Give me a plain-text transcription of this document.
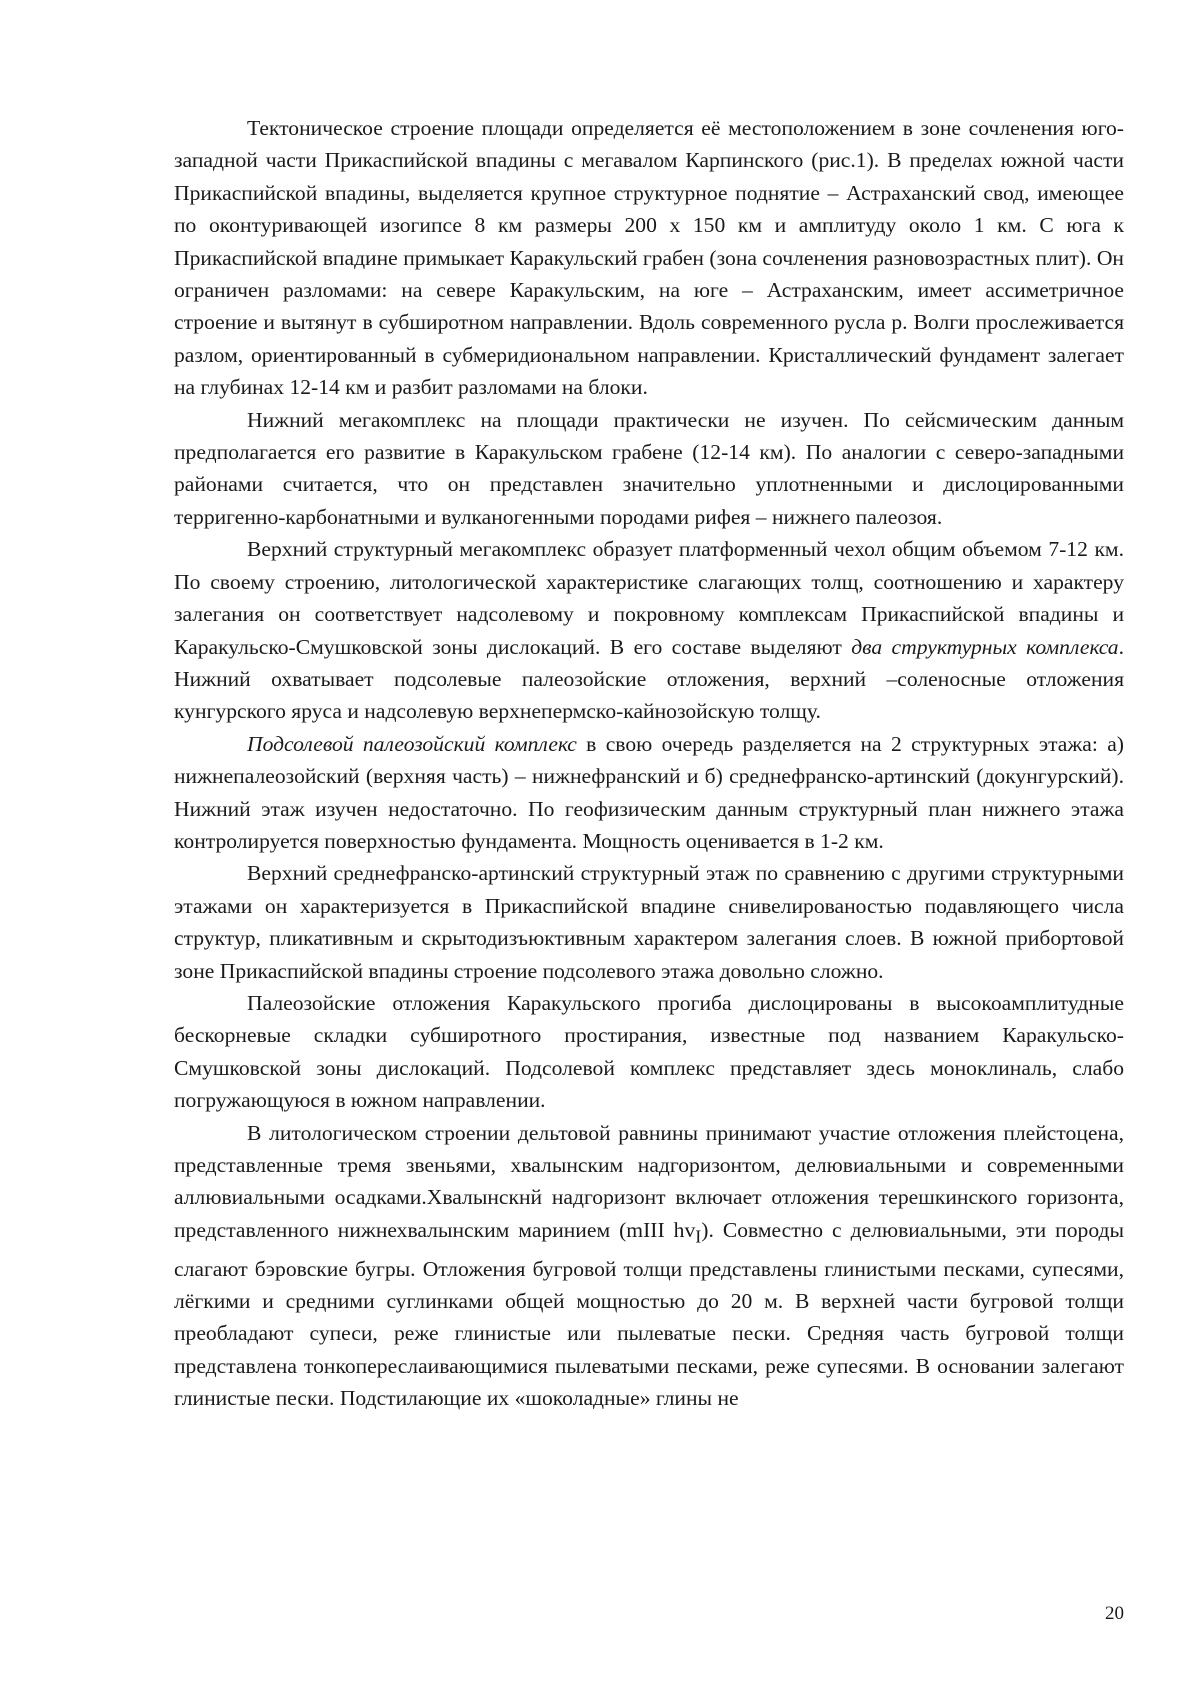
Тектоническое строение площади определяется её местоположением в зоне сочленения юго-западной части Прикаспийской впадины с мегавалом Карпинского (рис.1). В пределах южной части Прикаспийской впадины, выделяется крупное структурное поднятие – Астраханский свод, имеющее по оконтуривающей изогипсе 8 км размеры 200 х 150 км и амплитуду около 1 км. С юга к Прикаспийской впадине примыкает Каракульский грабен (зона сочленения разновозрастных плит). Он ограничен разломами: на севере Каракульским, на юге – Астраханским, имеет ассиметричное строение и вытянут в субширотном направлении. Вдоль современного русла р. Волги прослеживается разлом, ориентированный в субмеридиональном направлении. Кристаллический фундамент залегает на глубинах 12-14 км и разбит разломами на блоки.

Нижний мегакомплекс на площади практически не изучен. По сейсмическим данным предполагается его развитие в Каракульском грабене (12-14 км). По аналогии с северо-западными районами считается, что он представлен значительно уплотненными и дислоцированными терригенно-карбонатными и вулканогенными породами рифея – нижнего палеозоя.

Верхний структурный мегакомплекс образует платформенный чехол общим объемом 7-12 км. По своему строению, литологической характеристике слагающих толщ, соотношению и характеру залегания он соответствует надсолевому и покровному комплексам Прикаспийской впадины и Каракульско-Смушковской зоны дислокаций. В его составе выделяют два структурных комплекса. Нижний охватывает подсолевые палеозойские отложения, верхний –соленосные отложения кунгурского яруса и надсолевую верхнепермско-кайнозойскую толщу.

Подсолевой палеозойский комплекс в свою очередь разделяется на 2 структурных этажа: а) нижнепалеозойский (верхняя часть) – нижнефранский и б) среднефранско-артинский (докунгурский). Нижний этаж изучен недостаточно. По геофизическим данным структурный план нижнего этажа контролируется поверхностью фундамента. Мощность оценивается в 1-2 км.

Верхний среднефранско-артинский структурный этаж по сравнению с другими структурными этажами он характеризуется в Прикаспийской впадине снивелированостью подавляющего числа структур, пликативным и скрытодизъюктивным характером залегания слоев. В южной прибортовой зоне Прикаспийской впадины строение подсолевого этажа довольно сложно.

Палеозойские отложения Каракульского прогиба дислоцированы в высокоамплитудные бескорневые складки субширотного простирания, известные под названием Каракульско-Смушковской зоны дислокаций. Подсолевой комплекс представляет здесь моноклиналь, слабо погружающуюся в южном направлении.

В литологическом строении дельтовой равнины принимают участие отложения плейстоцена, представленные тремя звеньями, хвалынским надгоризонтом, делювиальными и современными аллювиальными осадками.Хвалынскнй надгоризонт включает отложения терешкинского горизонта, представленного нижнехвалынским маринием (mIII $hv_I$). Совместно с делювиальными, эти породы слагают бэровские бугры. Отложения бугровой толщи представлены глинистыми песками, супесями, лёгкими и средними суглинками общей мощностью до 20 м. В верхней части бугровой толщи преобладают супеси, реже глинистые или пылеватые пески. Средняя часть бугровой толщи представлена тонкопереслаивающимися пылеватыми песками, реже супесями. В основании залегают глинистые пески. Подстилающие их «шоколадные» глины не

20
